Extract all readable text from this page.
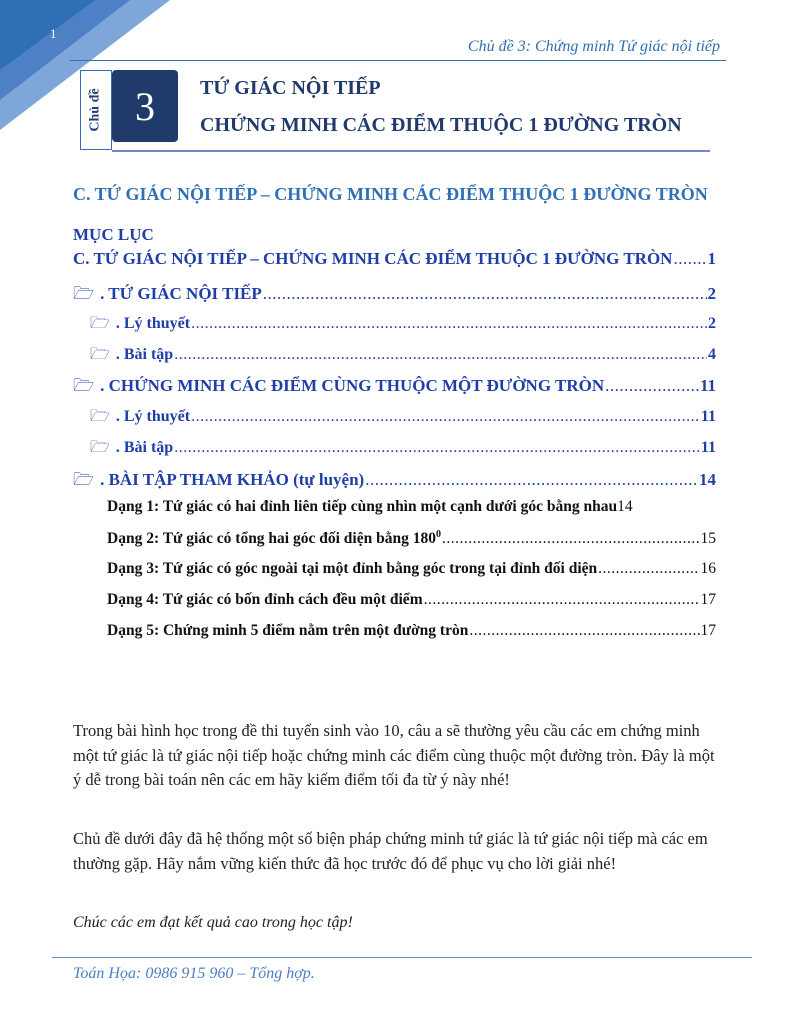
1
Chủ đề 3: Chứng minh Tứ giác nội tiếp
Chủ đề 3	TỨ GIÁC NỘI TIẾP
CHỨNG MINH CÁC ĐIỂM THUỘC 1 ĐƯỜNG TRÒN
C. TỨ GIÁC NỘI TIẾP – CHỨNG MINH CÁC ĐIỂM THUỘC 1 ĐƯỜNG TRÒN
MỤC LỤC
C. TỨ GIÁC NỘI TIẾP – CHỨNG MINH CÁC ĐIỂM THUỘC 1 ĐƯỜNG TRÒN ..... 1
🗁 . TỨ GIÁC NỘI TIẾP .....	2
🗁 . Lý thuyết .....	2
🗁 . Bài tập .....	4
🗁 . CHỨNG MINH CÁC ĐIỂM CÙNG THUỘC MỘT ĐƯỜNG TRÒN .....	11
🗁 . Lý thuyết .....	11
🗁 . Bài tập .....	11
🗁 . BÀI TẬP THAM KHẢO (tự luyện) .....	14
Dạng 1: Tứ giác có hai đỉnh liên tiếp cùng nhìn một cạnh dưới góc bằng nhau 14
Dạng 2: Tứ giác có tổng hai góc đối diện bằng $180^0$ .....	15
Dạng 3: Tứ giác có góc ngoài tại một đỉnh bằng góc trong tại đỉnh đối diện .....	16
Dạng 4: Tứ giác có bốn đỉnh cách đều một điểm .....	17
Dạng 5: Chứng minh 5 điểm nằm trên một đường tròn .....	17
Trong bài hình học trong đề thi tuyển sinh vào 10, câu a sẽ thường yêu cầu các em chứng minh một tứ giác là tứ giác nội tiếp hoặc chứng minh các điểm cùng thuộc một đường tròn. Đây là một ý dễ trong bài toán nên các em hãy kiếm điểm tối đa từ ý này nhé!
Chủ đề dưới đây đã hệ thống một số biện pháp chứng minh tứ giác là tứ giác nội tiếp mà các em thường gặp. Hãy nắm vững kiến thức đã học trước đó để phục vụ cho lời giải nhé!
Chúc các em đạt kết quả cao trong học tập!
Toán Họa: 0986 915 960 – Tổng hợp.
